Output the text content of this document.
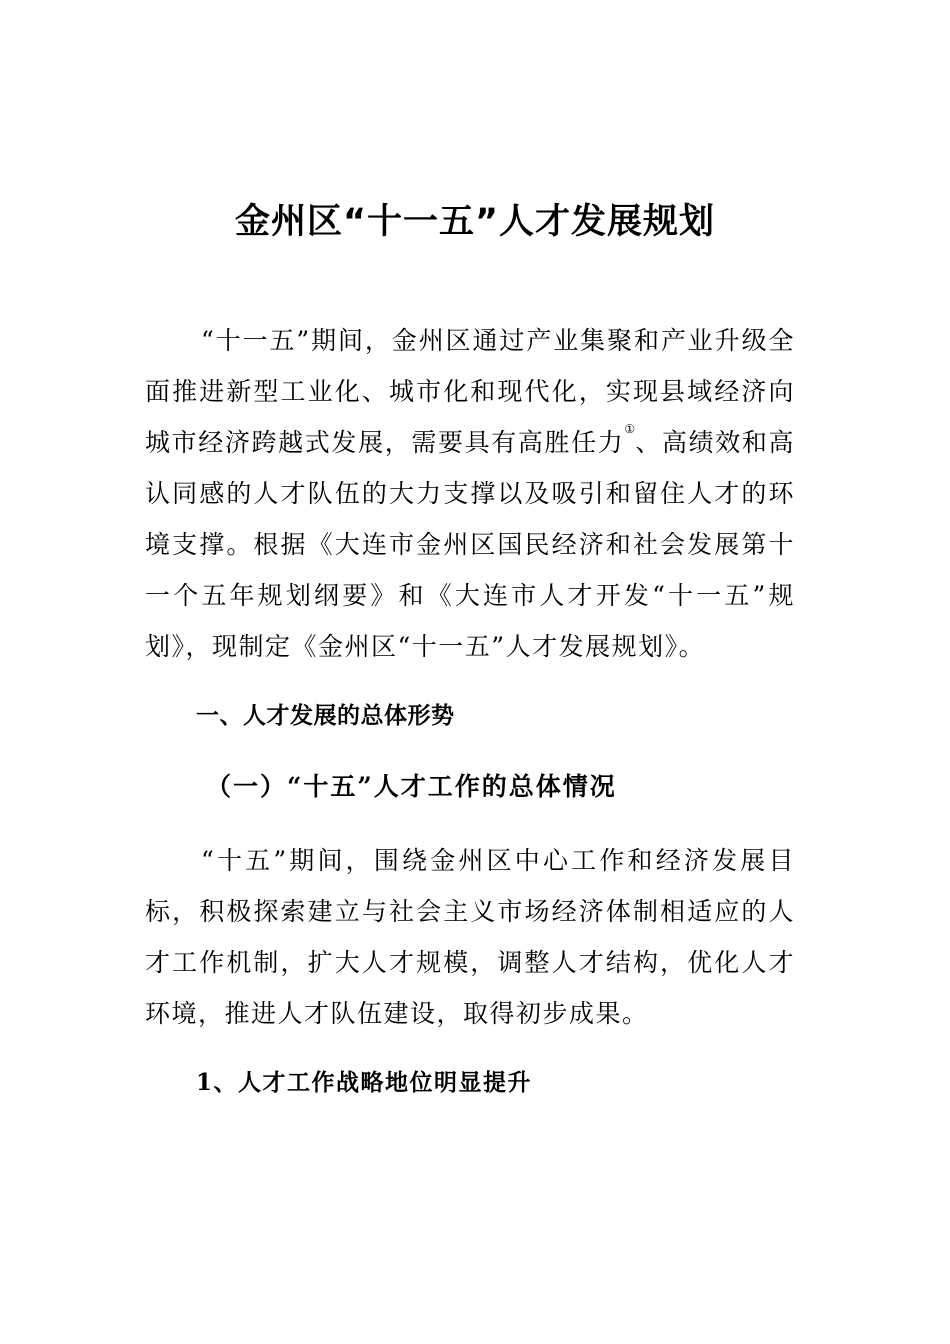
金州区“十一五”人才发展规划

“十一五”期间，金州区通过产业集聚和产业升级全面推进新型工业化、城市化和现代化，实现县域经济向城市经济跨越式发展，需要具有高胜任力①、高绩效和高认同感的人才队伍的大力支撑以及吸引和留住人才的环境支撑。根据《大连市金州区国民经济和社会发展第十一个五年规划纲要》和《大连市人才开发“十一五”规划》，现制定《金州区“十一五”人才发展规划》。

一、人才发展的总体形势
（一）“十五”人才工作的总体情况

“十五”期间，围绕金州区中心工作和经济发展目标，积极探索建立与社会主义市场经济体制相适应的人才工作机制，扩大人才规模，调整人才结构，优化人才环境，推进人才队伍建设，取得初步成果。

1、人才工作战略地位明显提升
